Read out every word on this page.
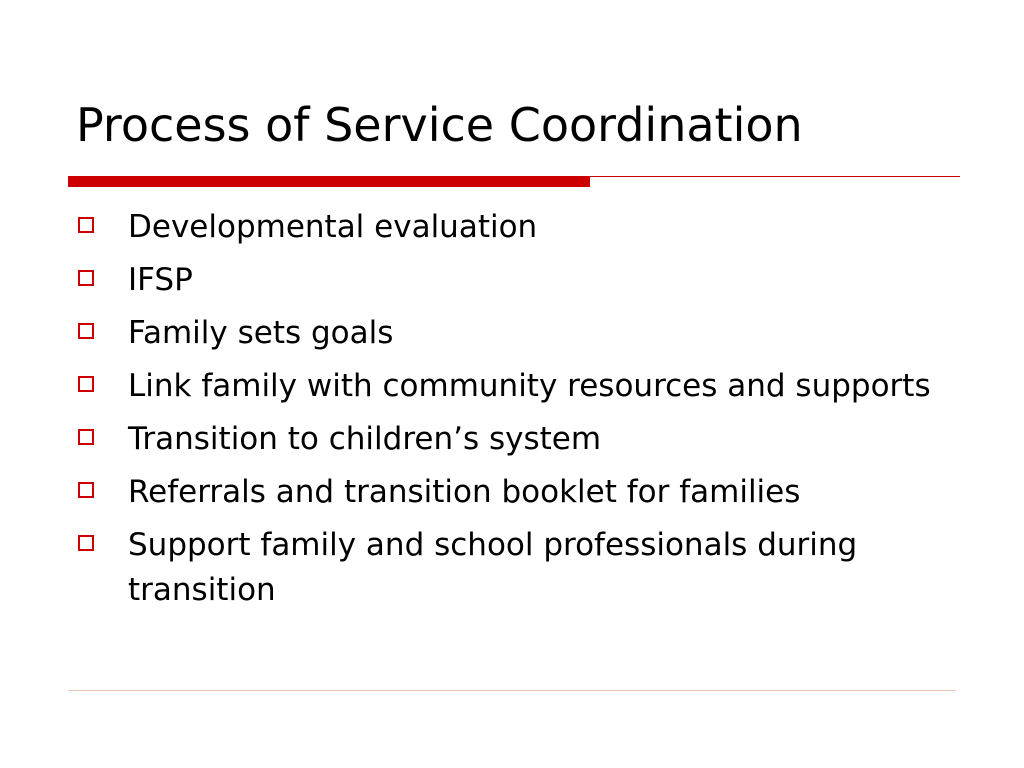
Process of Service Coordination
Developmental evaluation
IFSP
Family sets goals
Link family with community resources and supports
Transition to children’s system
Referrals and transition booklet for families
Support family and school professionals during transition
